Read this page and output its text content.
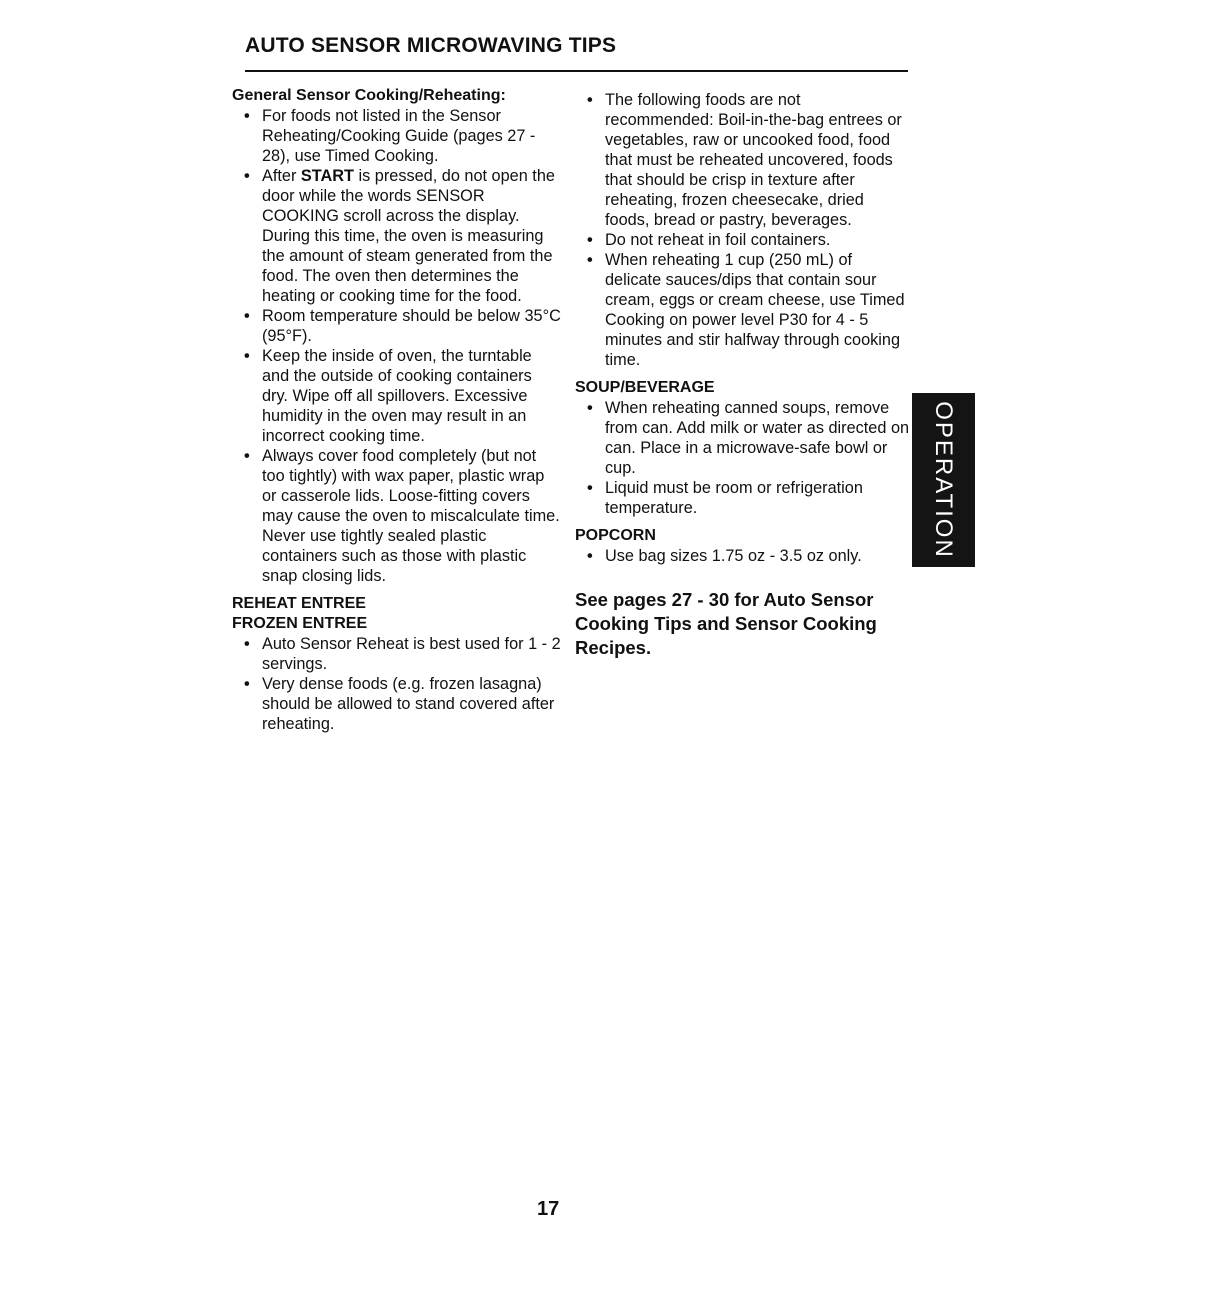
AUTO SENSOR MICROWAVING TIPS
General Sensor Cooking/Reheating:
• For foods not listed in the Sensor Reheating/Cooking Guide (pages 27 - 28), use Timed Cooking.
• After START is pressed, do not open the door while the words SENSOR COOKING scroll across the display. During this time, the oven is measuring the amount of steam generated from the food. The oven then determines the heating or cooking time for the food.
• Room temperature should be below 35°C (95°F).
• Keep the inside of oven, the turntable and the outside of cooking containers dry. Wipe off all spillovers. Excessive humidity in the oven may result in an incorrect cooking time.
• Always cover food completely (but not too tightly) with wax paper, plastic wrap or casserole lids. Loose-fitting covers may cause the oven to miscalculate time. Never use tightly sealed plastic containers such as those with plastic snap closing lids.
REHEAT ENTREE
FROZEN ENTREE
• Auto Sensor Reheat is best used for 1 - 2 servings.
• Very dense foods (e.g. frozen lasagna) should be allowed to stand covered after reheating.
• The following foods are not recommended: Boil-in-the-bag entrees or vegetables, raw or uncooked food, food that must be reheated uncovered, foods that should be crisp in texture after reheating, frozen cheesecake, dried foods, bread or pastry, beverages.
• Do not reheat in foil containers.
• When reheating 1 cup (250 mL) of delicate sauces/dips that contain sour cream, eggs or cream cheese, use Timed Cooking on power level P30 for 4 - 5 minutes and stir halfway through cooking time.
SOUP/BEVERAGE
• When reheating canned soups, remove from can. Add milk or water as directed on can. Place in a microwave-safe bowl or cup.
• Liquid must be room or refrigeration temperature.
POPCORN
• Use bag sizes 1.75 oz - 3.5 oz only.

See pages 27 - 30 for Auto Sensor Cooking Tips and Sensor Cooking Recipes.

OPERATION
17
